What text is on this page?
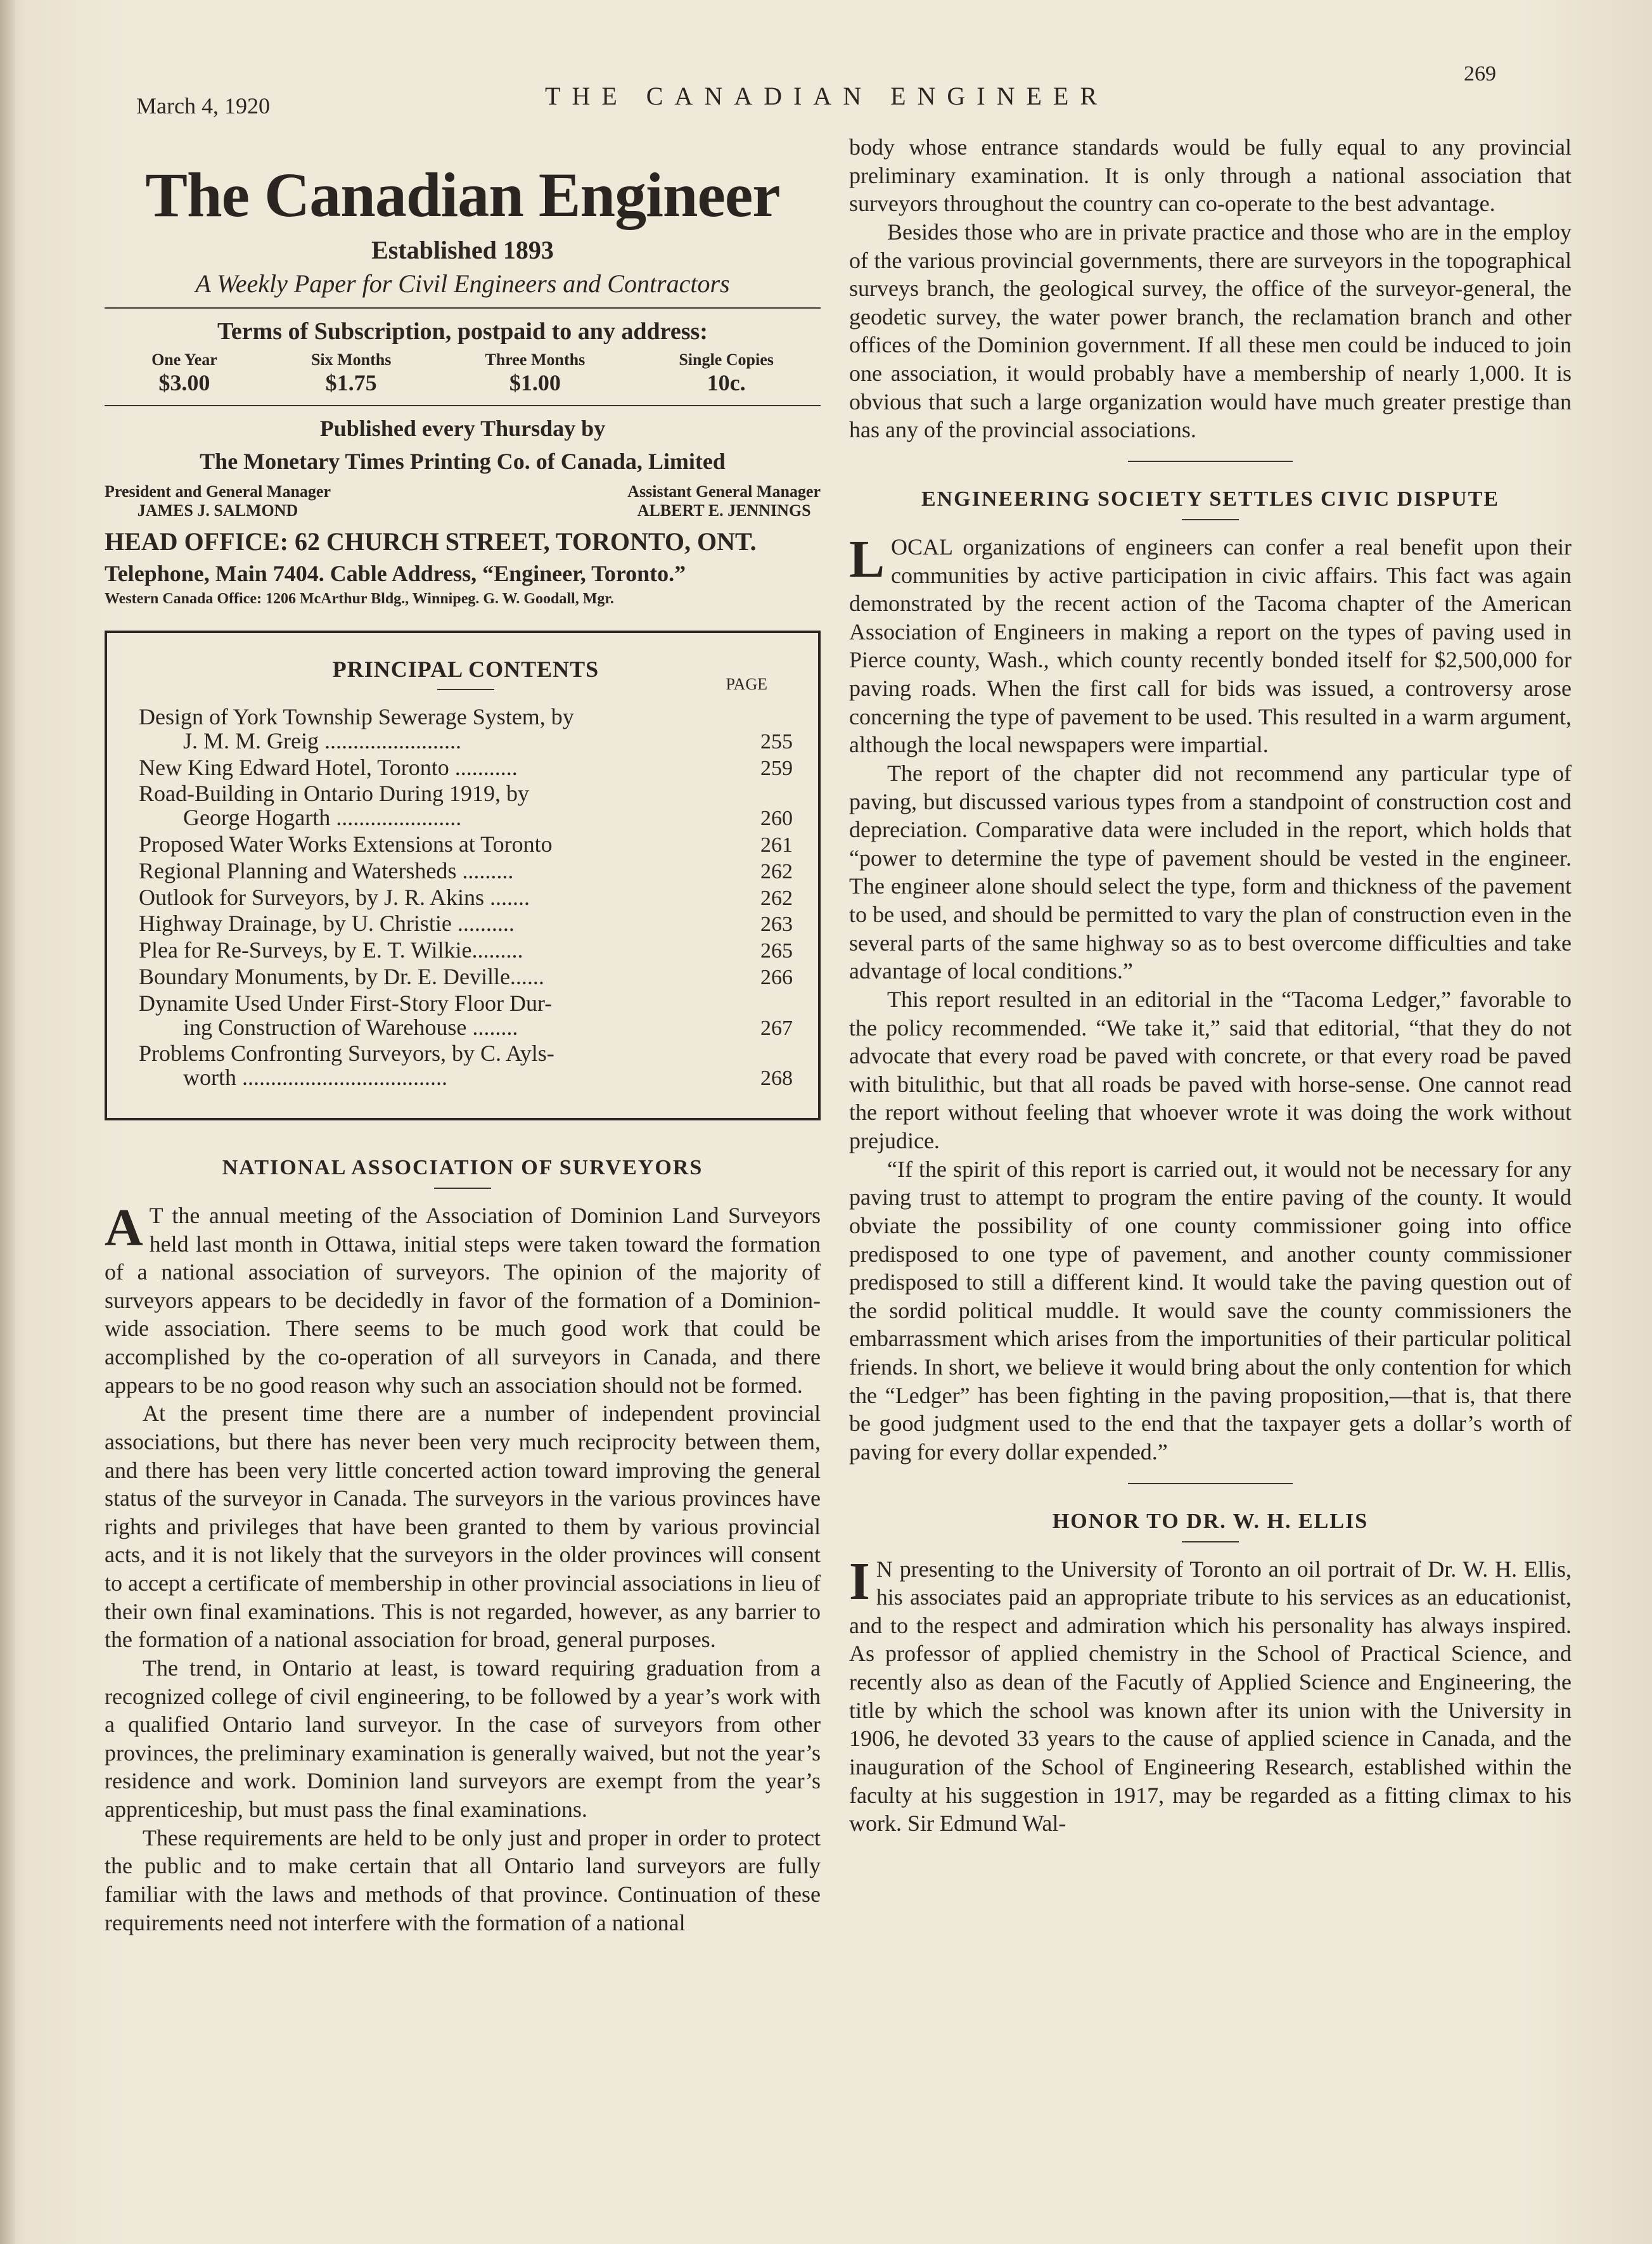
March 4, 1920	THE CANADIAN ENGINEER
269
The Canadian Engineer
Established 1893
A Weekly Paper for Civil Engineers and Contractors
Terms of Subscription, postpaid to any address:
One Year
$3.00
Six Months
$1.75
Three Months
$1.00
Single Copies
10c.
Published every Thursday by
The Monetary Times Printing Co. of Canada, Limited
President and General Manager
JAMES J. SALMOND
Assistant General Manager
ALBERT E. JENNINGS
HEAD OFFICE: 62 CHURCH STREET, TORONTO, ONT.
Telephone, Main 7404. Cable Address, “Engineer, Toronto.”
Western Canada Office: 1206 McArthur Bldg., Winnipeg. G. W. Goodall, Mgr.
PRINCIPAL CONTENTS
PAGE
Design of York Township Sewerage System, by
J. M. M. Greig ........................	255
New King Edward Hotel, Toronto ...........	259
Road-Building in Ontario During 1919, by
George Hogarth ......................	260
Proposed Water Works Extensions at Toronto	261
Regional Planning and Watersheds .........	262
Outlook for Surveyors, by J. R. Akins .......	262
Highway Drainage, by U. Christie ..........	263
Plea for Re-Surveys, by E. T. Wilkie.........	265
Boundary Monuments, by Dr. E. Deville......	266
Dynamite Used Under First-Story Floor Dur-
ing Construction of Warehouse ........	267
Problems Confronting Surveyors, by C. Ayls-
worth ....................................	268
NATIONAL ASSOCIATION OF SURVEYORS

A T the annual meeting of the Association of Dominion Land Surveyors held last month in Ottawa, initial steps were taken toward the formation of a national association of surveyors. The opinion of the majority of surveyors appears to be decidedly in favor of the formation of a Dominion-wide association. There seems to be much good work that could be accomplished by the co-operation of all surveyors in Canada, and there appears to be no good reason why such an association should not be formed.

At the present time there are a number of independent provincial associations, but there has never been very much reciprocity between them, and there has been very little concerted action toward improving the general status of the surveyor in Canada. The surveyors in the various provinces have rights and privileges that have been granted to them by various provincial acts, and it is not likely that the surveyors in the older provinces will consent to accept a certificate of membership in other provincial associations in lieu of their own final examinations. This is not regarded, however, as any barrier to the formation of a national association for broad, general purposes.

The trend, in Ontario at least, is toward requiring graduation from a recognized college of civil engineering, to be followed by a year’s work with a qualified Ontario land surveyor. In the case of surveyors from other provinces, the preliminary examination is generally waived, but not the year’s residence and work. Dominion land surveyors are exempt from the year’s apprenticeship, but must pass the final examinations.

These requirements are held to be only just and proper in order to protect the public and to make certain that all Ontario land surveyors are fully familiar with the laws and methods of that province. Continuation of these requirements need not interfere with the formation of a national

body whose entrance standards would be fully equal to any provincial preliminary examination. It is only through a national association that surveyors throughout the country can co-operate to the best advantage.

Besides those who are in private practice and those who are in the employ of the various provincial governments, there are surveyors in the topographical surveys branch, the geological survey, the office of the surveyor-general, the geodetic survey, the water power branch, the reclamation branch and other offices of the Dominion government. If all these men could be induced to join one association, it would probably have a membership of nearly 1,000. It is obvious that such a large organization would have much greater prestige than has any of the provincial associations.

ENGINEERING SOCIETY SETTLES CIVIC DISPUTE

LOCAL organizations of engineers can confer a real benefit upon their communities by active participation in civic affairs. This fact was again demonstrated by the recent action of the Tacoma chapter of the American Association of Engineers in making a report on the types of paving used in Pierce county, Wash., which county recently bonded itself for $2,500,000 for paving roads. When the first call for bids was issued, a controversy arose concerning the type of pavement to be used. This resulted in a warm argument, although the local newspapers were impartial.

The report of the chapter did not recommend any particular type of paving, but discussed various types from a standpoint of construction cost and depreciation. Comparative data were included in the report, which holds that “power to determine the type of pavement should be vested in the engineer. The engineer alone should select the type, form and thickness of the pavement to be used, and should be permitted to vary the plan of construction even in the several parts of the same highway so as to best overcome difficulties and take advantage of local conditions.”

This report resulted in an editorial in the “Tacoma Ledger,” favorable to the policy recommended. “We take it,” said that editorial, “that they do not advocate that every road be paved with concrete, or that every road be paved with bitulithic, but that all roads be paved with horse-sense. One cannot read the report without feeling that whoever wrote it was doing the work without prejudice.

“If the spirit of this report is carried out, it would not be necessary for any paving trust to attempt to program the entire paving of the county. It would obviate the possibility of one county commissioner going into office predisposed to one type of pavement, and another county commissioner predisposed to still a different kind. It would take the paving question out of the sordid political muddle. It would save the county commissioners the embarrassment which arises from the importunities of their particular political friends. In short, we believe it would bring about the only contention for which the “Ledger” has been fighting in the paving proposition,—that is, that there be good judgment used to the end that the taxpayer gets a dollar’s worth of paving for every dollar expended.”

HONOR TO DR. W. H. ELLIS

I N presenting to the University of Toronto an oil portrait of Dr. W. H. Ellis, his associates paid an appropriate tribute to his services as an educationist, and to the respect and admiration which his personality has always inspired. As professor of applied chemistry in the School of Practical Science, and recently also as dean of the Facutly of Applied Science and Engineering, the title by which the school was known after its union with the University in 1906, he devoted 33 years to the cause of applied science in Canada, and the inauguration of the School of Engineering Research, established within the faculty at his suggestion in 1917, may be regarded as a fitting climax to his work. Sir Edmund Wal-
